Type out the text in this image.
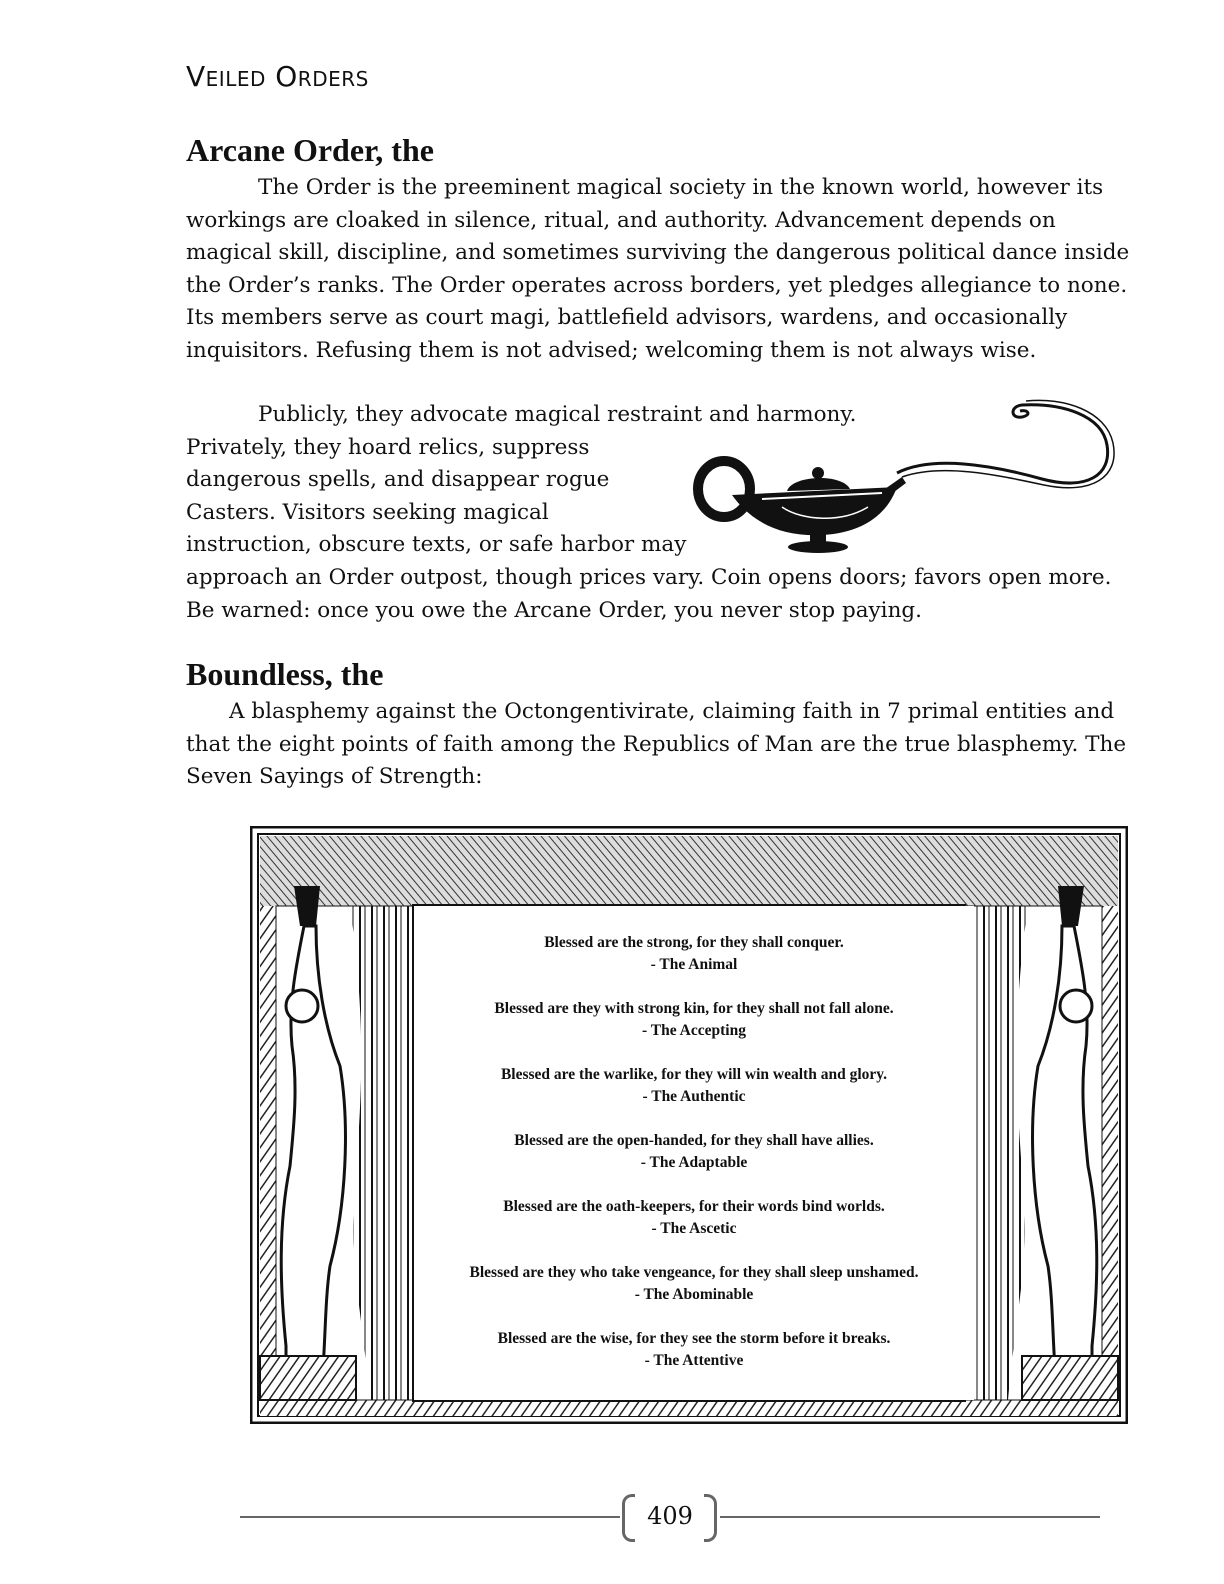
Veiled Orders
Arcane Order, the

The Order is the preeminent magical society in the known world, however its workings are cloaked in silence, ritual, and authority. Advancement depends on magical skill, discipline, and sometimes surviving the dangerous political dance inside the Order’s ranks. The Order operates across borders, yet pledges allegiance to none. Its members serve as court magi, battlefield advisors, wardens, and occasionally inquisitors. Refusing them is not advised; welcoming them is not always wise.

Publicly, they advocate magical restraint and harmony.
Privately, they hoard relics, suppress
dangerous spells, and disappear rogue
Casters. Visitors seeking magical
instruction, obscure texts, or safe harbor may
approach an Order outpost, though prices vary. Coin opens doors; favors open more. Be warned: once you owe the Arcane Order, you never stop paying.
Boundless, the

A blasphemy against the Octongentivirate, claiming faith in 7 primal entities and that the eight points of faith among the Republics of Man are the true blasphemy. The Seven Sayings of Strength:

Blessed are the strong, for they shall conquer.
- The Animal
Blessed are they with strong kin, for they shall not fall alone.
- The Accepting
Blessed are the warlike, for they will win wealth and glory.
- The Authentic
Blessed are the open-handed, for they shall have allies.
- The Adaptable
Blessed are the oath-keepers, for their words bind worlds.
- The Ascetic
Blessed are they who take vengeance, for they shall sleep unshamed.
- The Abominable
Blessed are the wise, for they see the storm before it breaks.
- The Attentive
409
